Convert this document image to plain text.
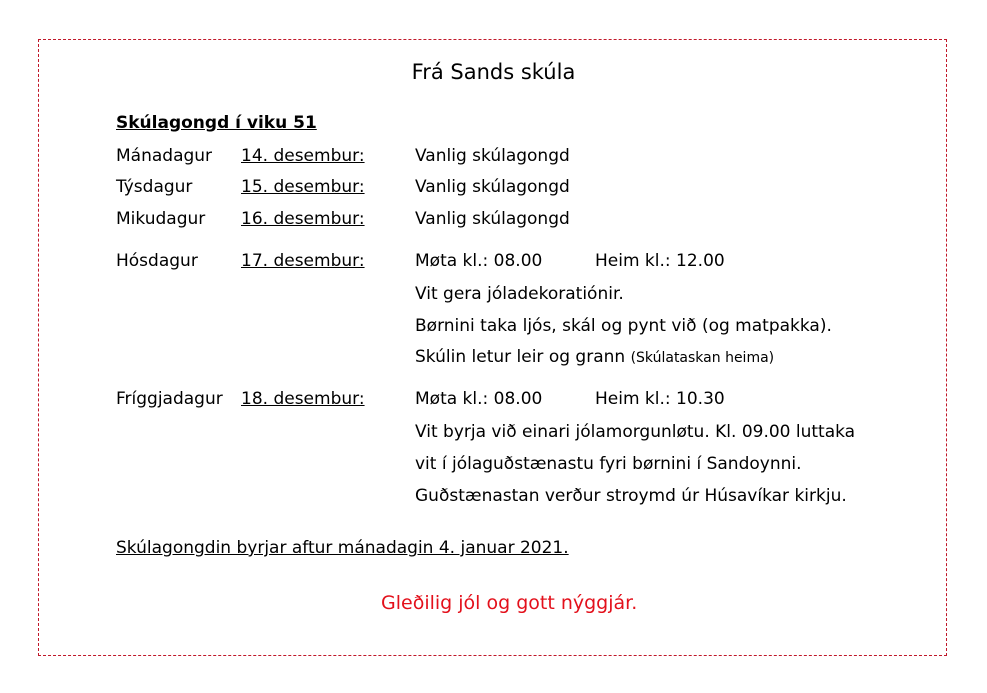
Frá Sands skúla
Skúlagongd í viku 51
Mánadagur 14. desembur:	Vanlig skúlagongd
Týsdagur	15. desembur:	Vanlig skúlagongd
Mikudagur 16. desembur:	Vanlig skúlagongd
Hósdagur	17. desembur:	Møta kl.: 08.00	Heim kl.: 12.00
Vit gera jóladekoratiónir.
Børnini taka ljós, skál og pynt við (og matpakka).
Skúlin letur leir og grann (Skúlataskan heima)
Fríggjadagur 18. desembur:	Møta kl.: 08.00	Heim kl.: 10.30
Vit byrja við einari jólamorgunløtu. Kl. 09.00 luttaka
vit í jólaguðstænastu fyri børnini í Sandoynni.
Guðstænastan verður stroymd úr Húsavíkar kirkju.
Skúlagongdin byrjar aftur mánadagin 4. januar 2021.
Gleðilig jól og gott nýggjár.
